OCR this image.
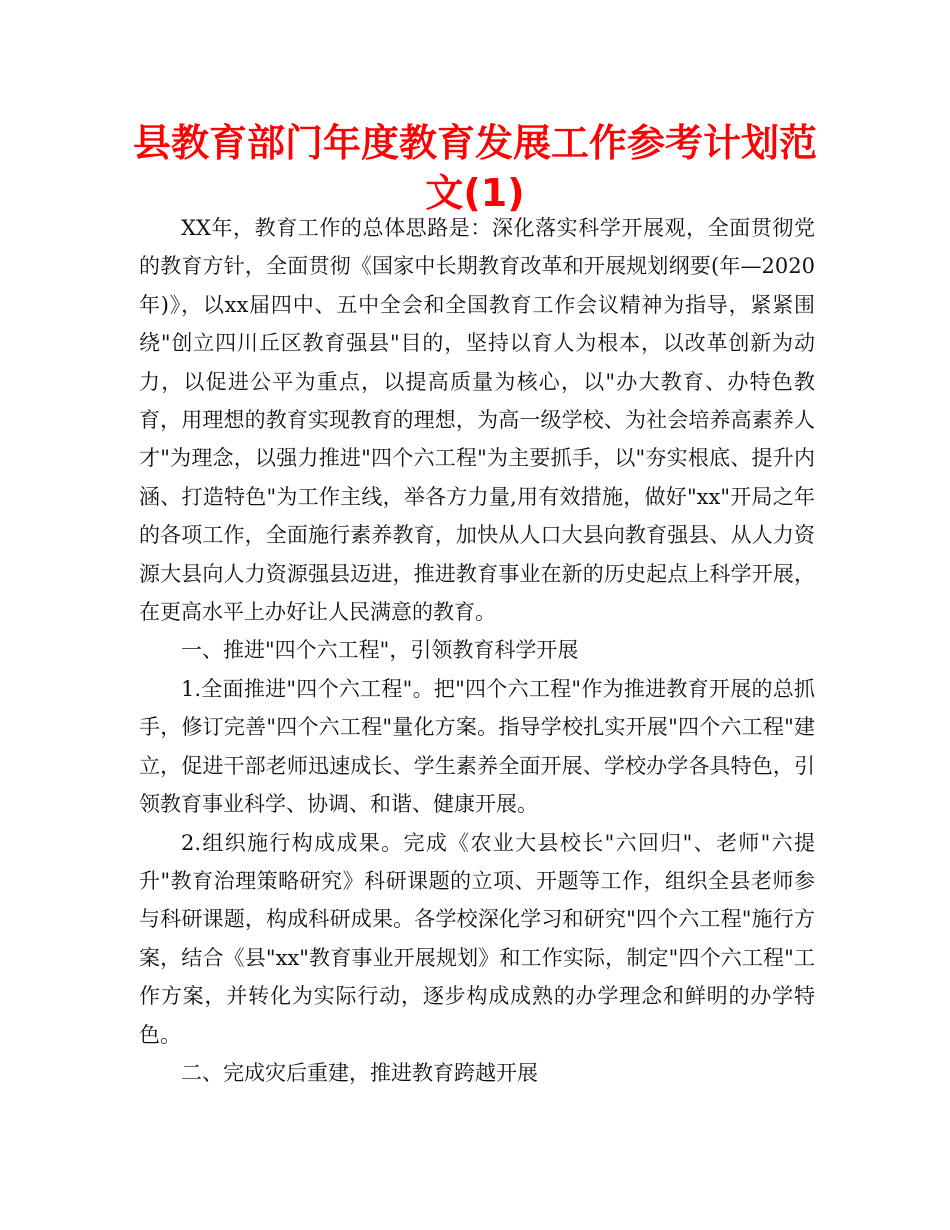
县教育部门年度教育发展工作参考计划范文(1)

XX年，教育工作的总体思路是：深化落实科学开展观，全面贯彻党的教育方针，全面贯彻《国家中长期教育改革和开展规划纲要(年—2020年)》，以xx届四中、五中全会和全国教育工作会议精神为指导，紧紧围绕"创立四川丘区教育强县"目的，坚持以育人为根本，以改革创新为动力，以促进公平为重点，以提高质量为核心，以"办大教育、办特色教育，用理想的教育实现教育的理想，为高一级学校、为社会培养高素养人才"为理念，以强力推进"四个六工程"为主要抓手，以"夯实根底、提升内涵、打造特色"为工作主线，举各方力量,用有效措施，做好"xx"开局之年的各项工作，全面施行素养教育，加快从人口大县向教育强县、从人力资源大县向人力资源强县迈进，推进教育事业在新的历史起点上科学开展，在更高水平上办好让人民满意的教育。

一、推进"四个六工程"，引领教育科学开展

1.全面推进"四个六工程"。把"四个六工程"作为推进教育开展的总抓手，修订完善"四个六工程"量化方案。指导学校扎实开展"四个六工程"建立，促进干部老师迅速成长、学生素养全面开展、学校办学各具特色，引领教育事业科学、协调、和谐、健康开展。

2.组织施行构成成果。完成《农业大县校长"六回归"、老师"六提升"教育治理策略研究》科研课题的立项、开题等工作，组织全县老师参与科研课题，构成科研成果。各学校深化学习和研究"四个六工程"施行方案，结合《县"xx"教育事业开展规划》和工作实际，制定"四个六工程"工作方案，并转化为实际行动，逐步构成成熟的办学理念和鲜明的办学特色。

二、完成灾后重建，推进教育跨越开展
